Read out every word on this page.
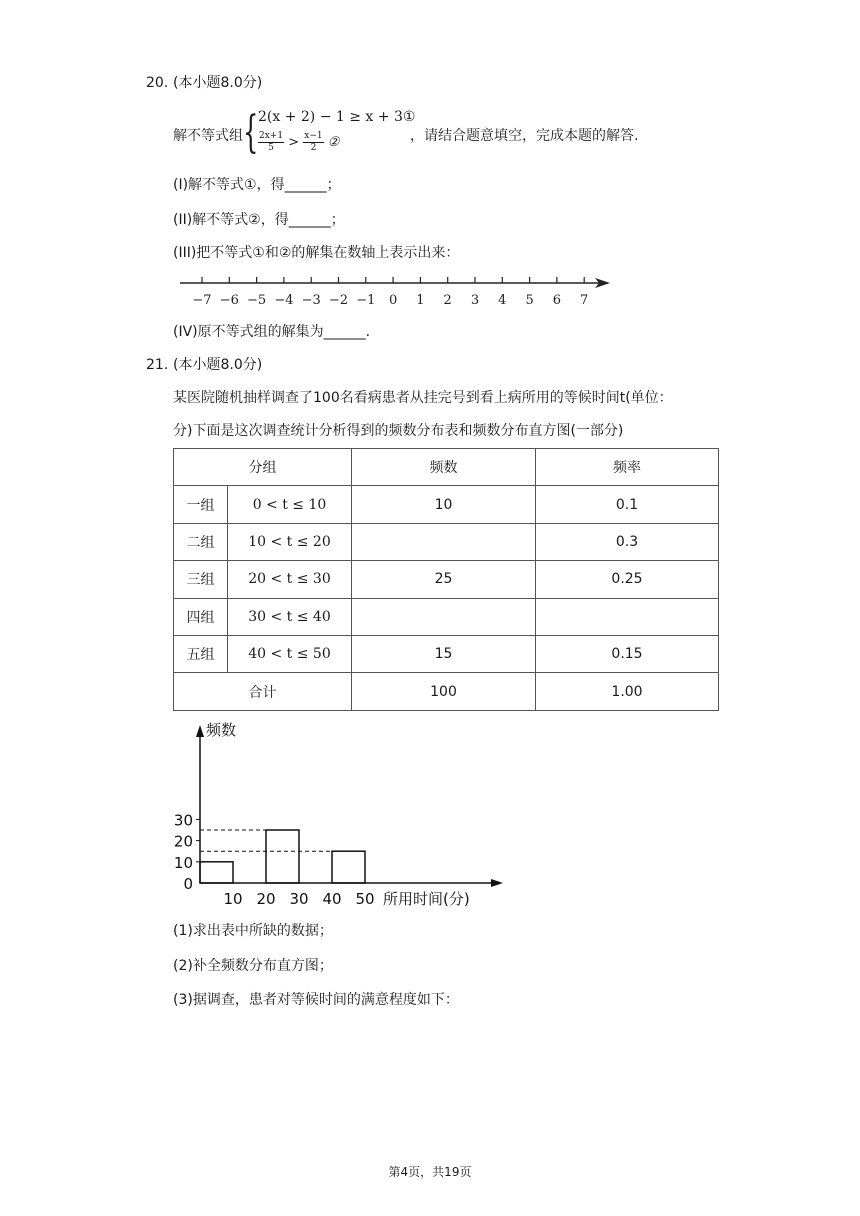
20. (本小题8.0分)
解不等式组 { 2(x + 2) − 1 ≥ x + 3①
$\frac{2x+1}{5} > \frac{x-1}{2}$ ②	，请结合题意填空，完成本题的解答.
(I)解不等式①，得______；
(II)解不等式②，得______；
(III)把不等式①和②的解集在数轴上表示出来：
−7 −6 −5 −4 −3 −2 −1 0 1 2 3 4 5 6 7
(IV)原不等式组的解集为______.
21. (本小题8.0分)
某医院随机抽样调查了100名看病患者从挂完号到看上病所用的等候时间t(单位：
分)下面是这次调查统计分析得到的频数分布表和频数分布直方图(一部分)
分组		频数	频率
一组	0 < t ≤ 10	10	0.1
二组	10 < t ≤ 20		0.3
三组	20 < t ≤ 30	25	0.25
四组	30 < t ≤ 40		
五组	40 < t ≤ 50	15	0.15
合计		100	1.00
频数
所用时间(分)
0
10
20
30
10 20 30 40 50
(1)求出表中所缺的数据；
(2)补全频数分布直方图；
(3)据调查，患者对等候时间的满意程度如下：
第4页，共19页
